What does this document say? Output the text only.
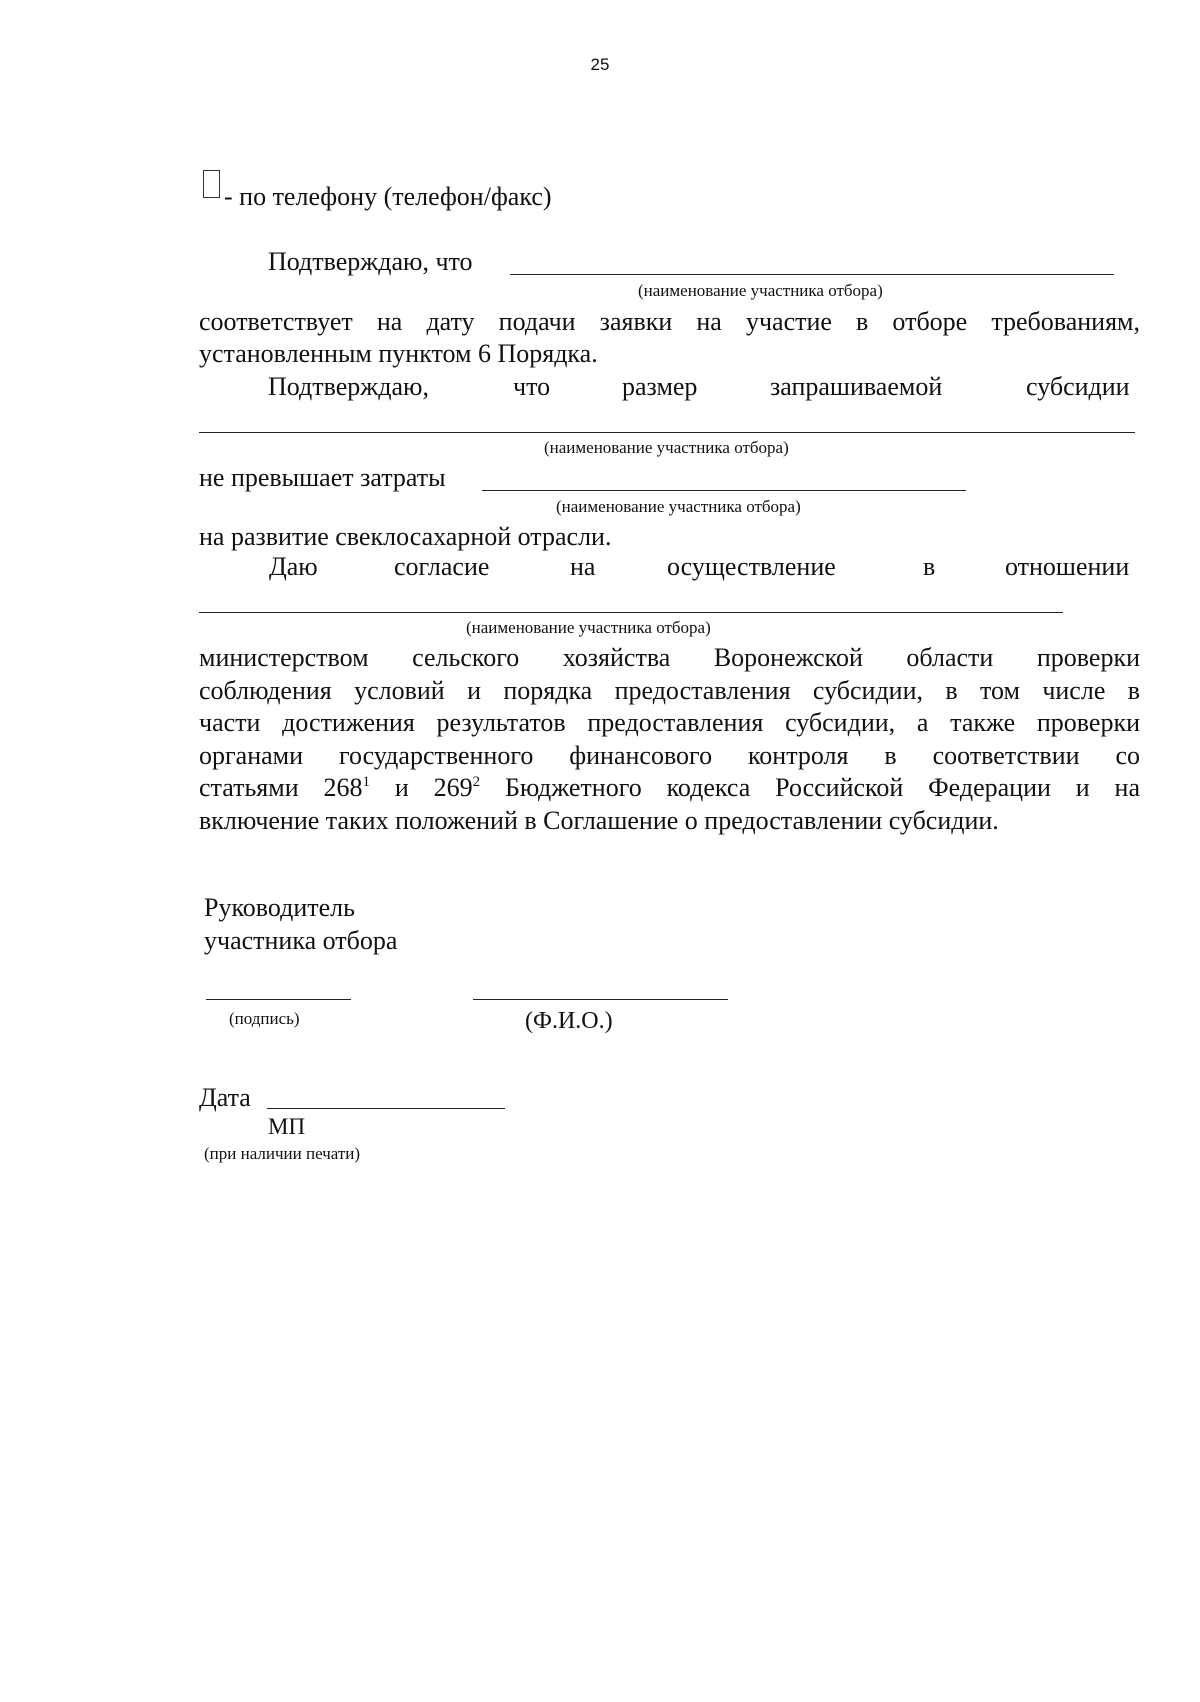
25
- по телефону (телефон/факс)
Подтверждаю, что
(наименование участника отбора)
соответствует на дату подачи заявки на участие в отборе требованиям,
установленным пунктом 6 Порядка.
Подтверждаю,	что	размер	запрашиваемой	субсидии
(наименование участника отбора)
не превышает затраты
(наименование участника отбора)
на развитие свеклосахарной отрасли.
Даю	согласие	на	осуществление	в	отношении
(наименование участника отбора)
министерством сельского хозяйства Воронежской области проверки
соблюдения условий и порядка предоставления субсидии, в том числе в
части достижения результатов предоставления субсидии, а также проверки
органами государственного финансового контроля в соответствии со
статьями $268^1$ и $269^2$ Бюджетного кодекса Российской Федерации и на
включение таких положений в Соглашение о предоставлении субсидии.
Руководитель
участника отбора
(подпись)	(Ф.И.О.)
Дата
МП
(при наличии печати)
